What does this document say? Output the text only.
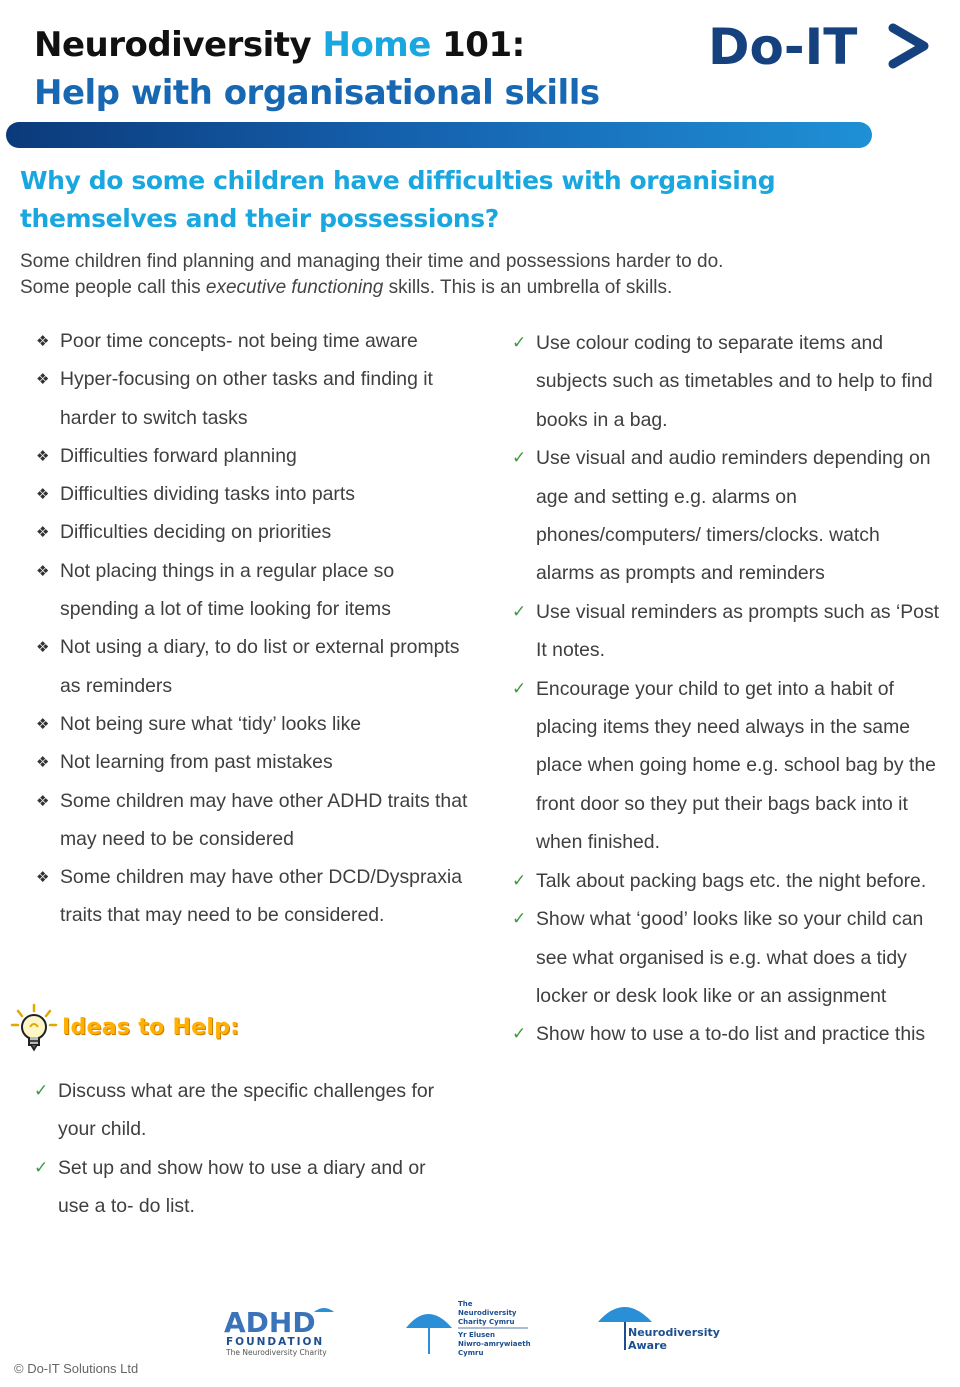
Neurodiversity Home 101:
Help with organisational skills
Do-IT
Why do some children have difficulties with organising themselves and their possessions?
Some children find planning and managing their time and possessions harder to do.
Some people call this executive functioning skills. This is an umbrella of skills.
❖ Poor time concepts- not being time aware
❖ Hyper-focusing on other tasks and finding it harder to switch tasks
❖ Difficulties forward planning
❖ Difficulties dividing tasks into parts
❖ Difficulties deciding on priorities
❖ Not placing things in a regular place so spending a lot of time looking for items
❖ Not using a diary, to do list or external prompts as reminders
❖ Not being sure what ‘tidy’ looks like
❖ Not learning from past mistakes
❖ Some children may have other ADHD traits that may need to be considered
❖ Some children may have other DCD/Dyspraxia traits that may need to be considered.
Ideas to Help:
✓ Discuss what are the specific challenges for your child.
✓ Set up and show how to use a diary and or use a to- do list.
✓ Use colour coding to separate items and subjects such as timetables and to help to find books in a bag.
✓ Use visual and audio reminders depending on age and setting e.g. alarms on phones/computers/ timers/clocks. watch alarms as prompts and reminders
✓ Use visual reminders as prompts such as ‘Post It notes.
✓ Encourage your child to get into a habit of placing items they need always in the same place when going home e.g. school bag by the front door so they put their bags back into it when finished.
✓ Talk about packing bags etc. the night before.
✓ Show what ‘good’ looks like so your child can see what organised is e.g. what does a tidy locker or desk look like or an assignment
✓ Show how to use a to-do list and practice this
ADHD
FOUNDATION
The Neurodiversity Charity
The
Neurodiversity
Charity Cymru
Yr Elusen
Niwro-amrywiaeth
Cymru
Neurodiversity
Aware
© Do-IT Solutions Ltd
